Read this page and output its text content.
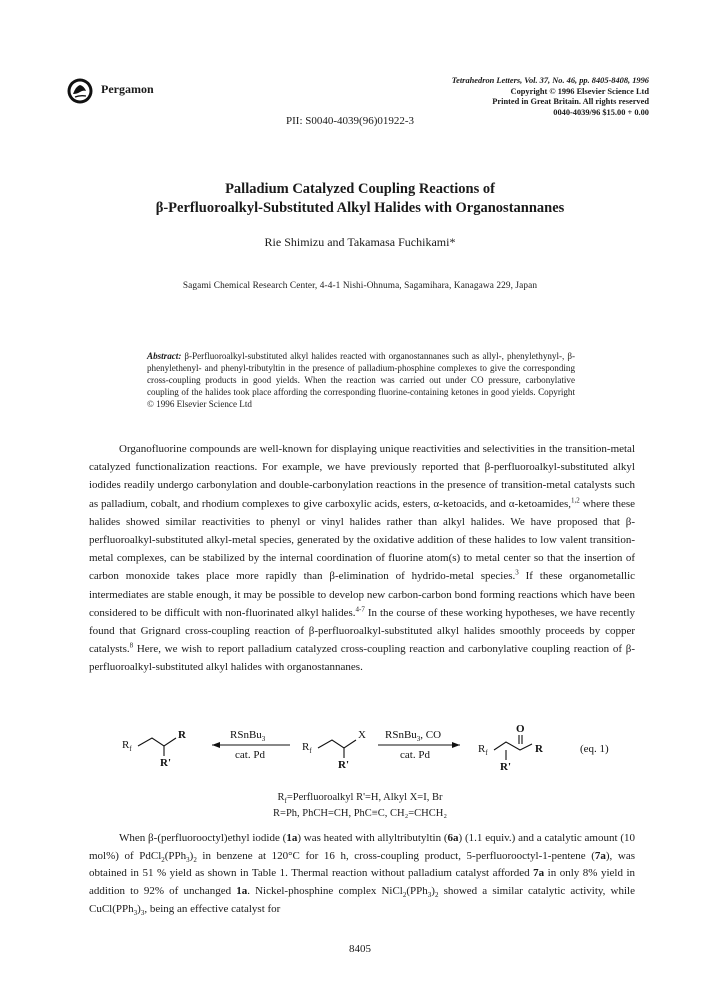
Pergamon
Tetrahedron Letters, Vol. 37, No. 46, pp. 8405-8408, 1996
Copyright © 1996 Elsevier Science Ltd
Printed in Great Britain. All rights reserved
0040-4039/96 $15.00 + 0.00
PII: S0040-4039(96)01922-3
Palladium Catalyzed Coupling Reactions of
β-Perfluoroalkyl-Substituted Alkyl Halides with Organostannanes
Rie Shimizu and Takamasa Fuchikami*
Sagami Chemical Research Center, 4-4-1 Nishi-Ohnuma, Sagamihara, Kanagawa 229, Japan
Abstract: β-Perfluoroalkyl-substituted alkyl halides reacted with organostannanes such as allyl-, phenylethynyl-, β-phenylethenyl- and phenyl-tributyltin in the presence of palladium-phosphine complexes to give the corresponding cross-coupling products in good yields. When the reaction was carried out under CO pressure, carbonylative coupling of the halides took place affording the corresponding fluorine-containing ketones in good yields. Copyright © 1996 Elsevier Science Ltd

Organofluorine compounds are well-known for displaying unique reactivities and selectivities in the transition-metal catalyzed functionalization reactions. For example, we have previously reported that β-perfluoroalkyl-substituted alkyl iodides readily undergo carbonylation and double-carbonylation reactions in the presence of transition-metal catalysts such as palladium, cobalt, and rhodium complexes to give carboxylic acids, esters, α-ketoacids, and α-ketoamides,$^{1,2}$ where these halides showed similar reactivities to phenyl or vinyl halides rather than alkyl halides. We have proposed that β-perfluoroalkyl-substituted alkyl-metal species, generated by the oxidative addition of these halides to low valent transition-metal complexes, can be stabilized by the internal coordination of fluorine atom(s) to metal center so that the insertion of carbon monoxide takes place more rapidly than β-elimination of hydrido-metal species.$^3$ If these organometallic intermediates are stable enough, it may be possible to develop new carbon-carbon bond forming reactions which have been considered to be difficult with non-fluorinated alkyl halides.$^{4-7}$ In the course of these working hypotheses, we have recently found that Grignard cross-coupling reaction of β-perfluoroalkyl-substituted alkyl halides smoothly proceeds by copper catalysts.$^8$ Here, we wish to report palladium catalyzed cross-coupling reaction and carbonylative coupling reaction of β-perfluoroalkyl-substituted alkyl halides with organostannanes.

$R_f$
R
R'
RSnBu$_3$
cat. Pd
$R_f$
X
R'
RSnBu$_3$, CO
cat. Pd
O
$R_f$	R
R'
(eq. 1)
$R_f=Perfluoroalkyl$ R'=H, Alkyl X=I, Br
R=Ph, PhCH=CH, PhC≡C, CH₂=CHCH₂

When β-(perfluorooctyl)ethyl iodide (1a) was heated with allyltributyltin (6a) (1.1 equiv.) and a catalytic amount (10 mol%) of $PdCl_2(PPh_3)_2$ in benzene at 120°C for 16 h, cross-coupling product, 5-perfluorooctyl-1-pentene (7a), was obtained in 51 % yield as shown in Table 1. Thermal reaction without palladium catalyst afforded 7a in only 8% yield in addition to 92% of unchanged 1a. Nickel-phosphine complex $NiCl_2(PPh_3)_2$ showed a similar catalytic activity, while $CuCl(PPh_3)_3$, being an effective catalyst for

8405
